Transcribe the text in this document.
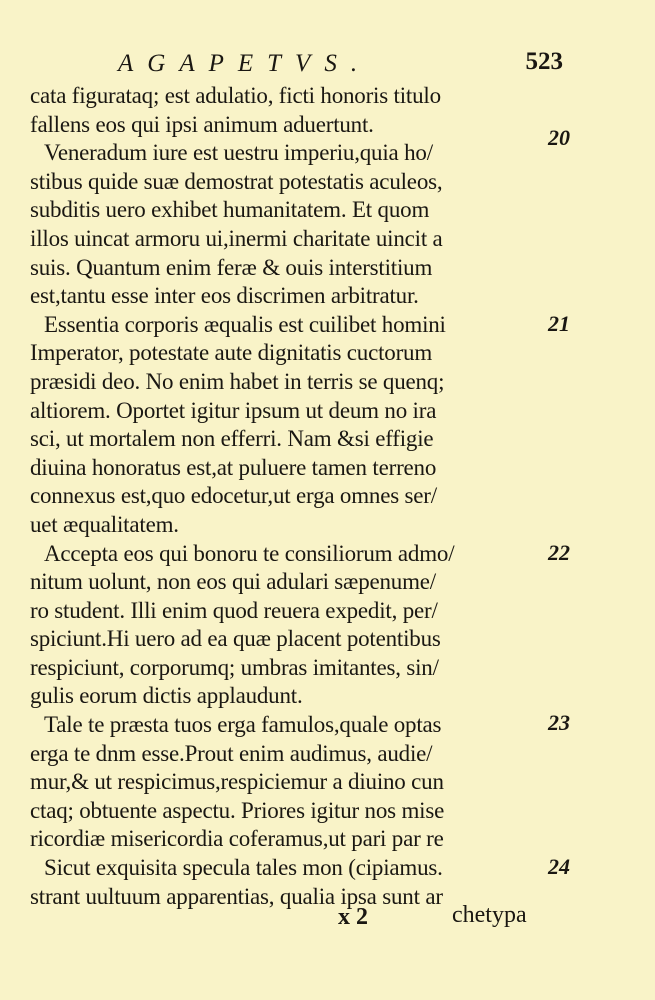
AGAPETVS.	523
cata figurataq; est adulatio, ficti honoris titulo
fallens eos qui ipsi animum aduertunt.
Veneradum iure est uestru imperiu,quia ho/
stibus quide suæ demostrat potestatis aculeos,
subditis uero exhibet humanitatem. Et quom
illos uincat armoru ui,inermi charitate uincit a
suis. Quantum enim feræ & ouis interstitium
est,tantu esse inter eos discrimen arbitratur.
Essentia corporis æqualis est cuilibet homini
Imperator, potestate aute dignitatis cuctorum
præsidi deo. No enim habet in terris se quenq;
altiorem. Oportet igitur ipsum ut deum no ira
sci, ut mortalem non efferri. Nam &si effigie
diuina honoratus est,at puluere tamen terreno
connexus est,quo edocetur,ut erga omnes ser/
uet æqualitatem.
Accepta eos qui bonoru te consiliorum admo/
nitum uolunt, non eos qui adulari sæpenume/
ro student. Illi enim quod reuera expedit, per/
spiciunt.Hi uero ad ea quæ placent potentibus
respiciunt, corporumq; umbras imitantes, sin/
gulis eorum dictis applaudunt.
Tale te præsta tuos erga famulos,quale optas
erga te dnm esse.Prout enim audimus, audie/
mur,& ut respicimus,respiciemur a diuino cun
ctaq; obtuente aspectu. Priores igitur nos mise
ricordiæ misericordia coferamus,ut pari par re
Sicut exquisita specula tales mon (cipiamus.
strant uultuum apparentias, qualia ipsa sunt ar
20
21
22
23
24
x 2	chetypa
